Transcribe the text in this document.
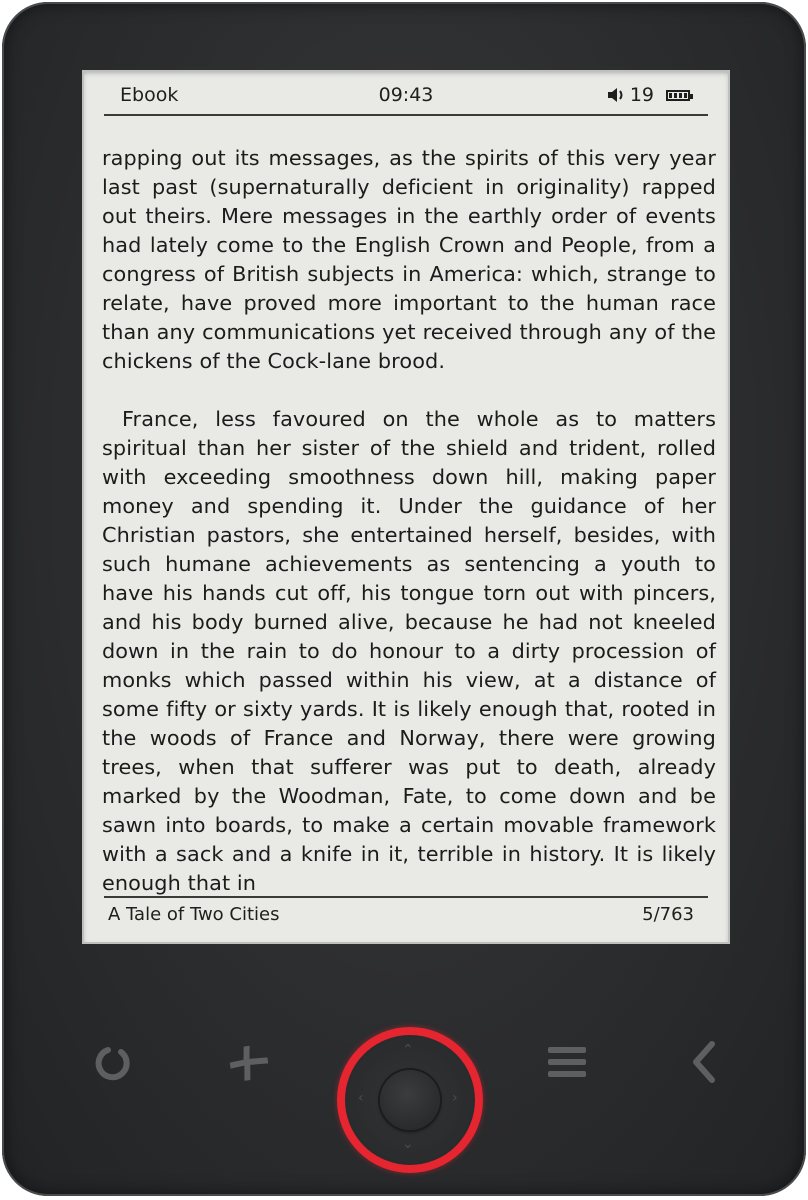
Ebook	09:43	19

rapping out its messages, as the spirits of this very year last past (supernaturally deficient in originality) rapped out theirs. Mere messages in the earthly order of events had lately come to the English Crown and People, from a congress of British subjects in America: which, strange to relate, have proved more important to the human race than any communications yet received through any of the chickens of the Cock-lane brood.

France, less favoured on the whole as to matters spiritual than her sister of the shield and trident, rolled with exceeding smoothness down hill, making paper money and spending it. Under the guidance of her Christian pastors, she entertained herself, besides, with such humane achievements as sentencing a youth to have his hands cut off, his tongue torn out with pincers, and his body burned alive, because he had not kneeled down in the rain to do honour to a dirty procession of monks which passed within his view, at a distance of some fifty or sixty yards. It is likely enough that, rooted in the woods of France and Norway, there were growing trees, when that sufferer was put to death, already marked by the Woodman, Fate, to come down and be sawn into boards, to make a certain movable framework with a sack and a knife in it, terrible in history. It is likely enough that in

A Tale of Two Cities	5/763
⌃
⌄
‹	›
